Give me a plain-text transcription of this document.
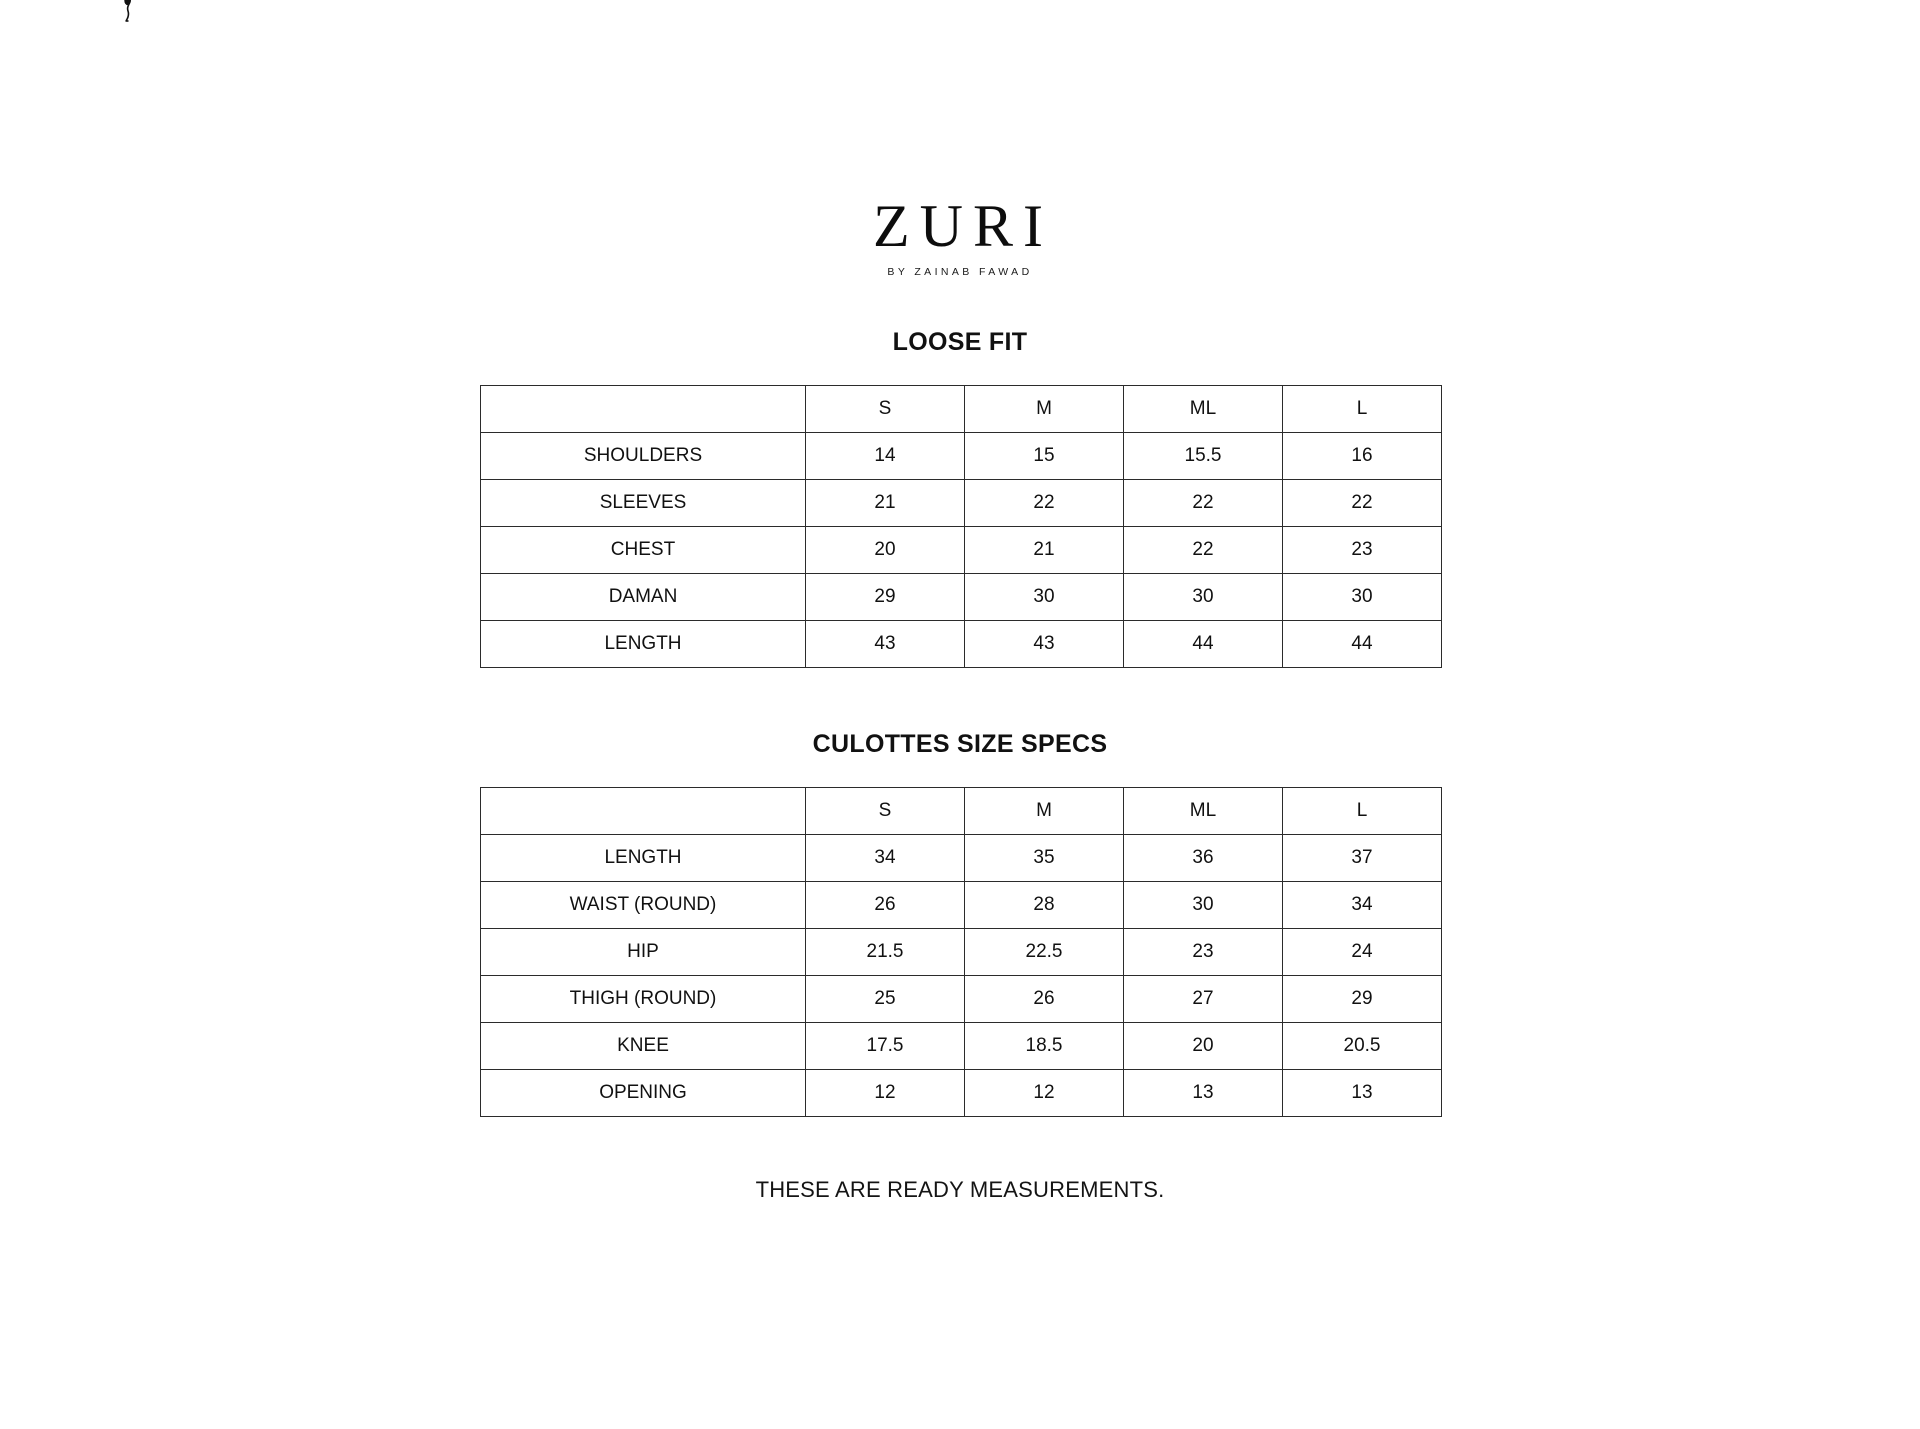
ZURI
BY ZAINAB FAWAD
LOOSE FIT
	S	M	ML	L
SHOULDERS	14	15	15.5	16
SLEEVES	21	22	22	22
CHEST	20	21	22	23
DAMAN	29	30	30	30
LENGTH	43	43	44	44
CULOTTES SIZE SPECS
	S	M	ML	L
LENGTH	34	35	36	37
WAIST (ROUND)	26	28	30	34
HIP	21.5	22.5	23	24
THIGH (ROUND)	25	26	27	29
KNEE	17.5	18.5	20	20.5
OPENING	12	12	13	13
THESE ARE READY MEASUREMENTS.
